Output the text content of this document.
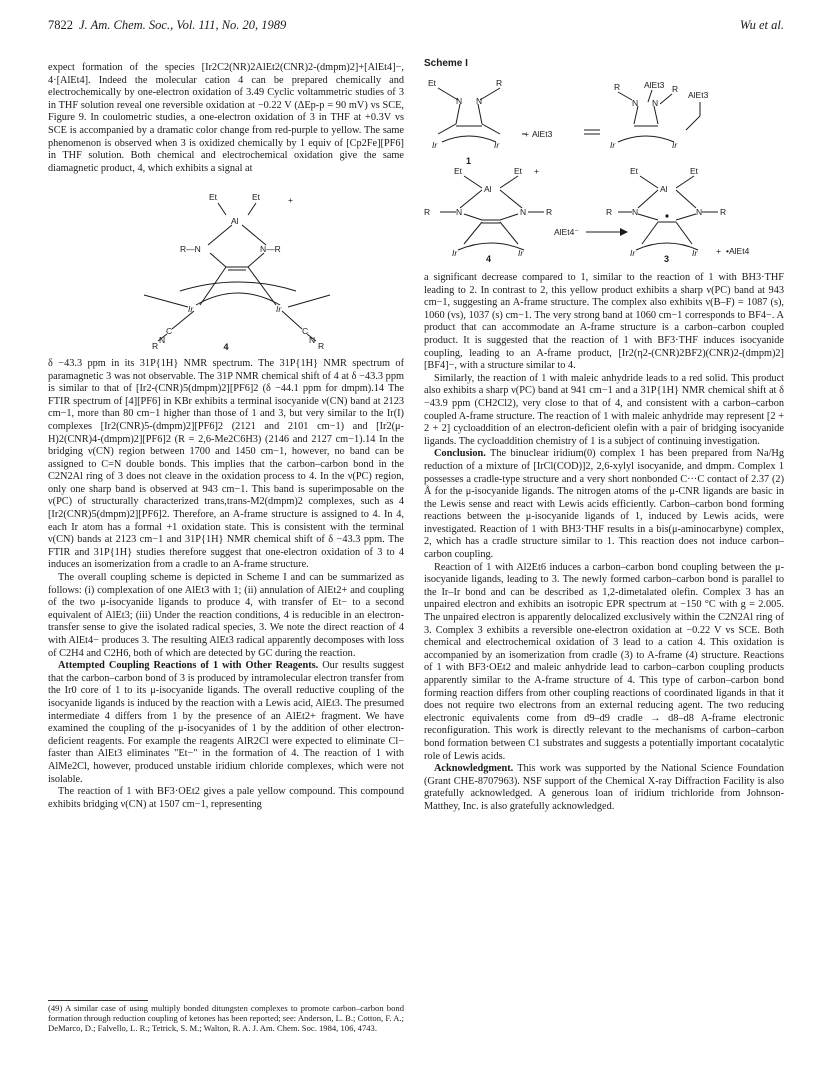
7822 J. Am. Chem. Soc., Vol. 111, No. 20, 1989	Wu et al.

expect formation of the species [Ir2C2(NR)2AlEt2(CNR)2-(dmpm)2]+[AlEt4]−, 4·[AlEt4]. Indeed the molecular cation 4 can be prepared chemically and electrochemically by one-electron oxidation of 3.49 Cyclic voltammetric studies of 3 in THF solution reveal one reversible oxidation at −0.22 V (ΔEp-p = 90 mV) vs SCE, Figure 9. In coulometric studies, a one-electron oxidation of 3 in THF at +0.3V vs SCE is accompanied by a dramatic color change from red-purple to yellow. The same phenomenon is observed when 3 is oxidized chemically by 1 equiv of [Cp2Fe][PF6] in THF solution. Both chemical and electrochemical oxidation give the same diamagnetic product, 4, which exhibits a signal at

Et	Et
Al
R—N	N—R
Ir	Ir
R
N
C	C
N
R
+
4

δ −43.3 ppm in its 31P{1H} NMR spectrum. The 31P{1H} NMR spectrum of paramagnetic 3 was not observable. The 31P NMR chemical shift of 4 at δ −43.3 ppm is similar to that of [Ir2-(CNR)5(dmpm)2][PF6]2 (δ −44.1 ppm for dmpm).14 The FTIR spectrum of [4][PF6] in KBr exhibits a terminal isocyanide ν(CN) band at 2123 cm−1, more than 80 cm−1 higher than those of 1 and 3, but very similar to the Ir(I) complexes [Ir2(CNR)5-(dmpm)2][PF6]2 (2121 and 2101 cm−1) and [Ir2(μ-H)2(CNR)4-(dmpm)2][PF6]2 (R = 2,6-Me2C6H3) (2146 and 2127 cm−1).14 In the bridging ν(CN) region between 1700 and 1450 cm−1, however, no band can be assigned to C=N double bonds. This implies that the carbon–carbon bond in the C2N2Al ring of 3 does not cleave in the oxidation process to 4. In the ν(PC) region, only one sharp band is observed at 943 cm−1. This band is superimposable on the ν(PC) of structurally characterized trans,trans-M2(dmpm)2 complexes, such as 4 [Ir2(CNR)5(dmpm)2][PF6]2. Therefore, an A-frame structure is assigned to 4. In 4, each Ir atom has a formal +1 oxidation state. This is consistent with the terminal ν(CN) bands at 2123 cm−1 and 31P{1H} NMR chemical shift of δ −43.3 ppm. The FTIR and 31P{1H} studies therefore suggest that one-electron oxidation of 3 to 4 induces an isomerization from a cradle to an A-frame structure.

The overall coupling scheme is depicted in Scheme I and can be summarized as follows: (i) complexation of one AlEt3 with 1; (ii) annulation of AlEt2+ and coupling of the two μ-isocyanide ligands to produce 4, with transfer of Et− to a second equivalent of AlEt3; (iii) Under the reaction conditions, 4 is reducible in an electron-transfer sense to give the isolated radical species, 3. We note the direct reaction of 4 with AlEt4− produces 3. The resulting AlEt3 radical apparently decomposes with loss of C2H4 and C2H6, both of which are detected by GC during the reaction.

Attempted Coupling Reactions of 1 with Other Reagents. Our results suggest that the carbon–carbon bond of 3 is produced by intramolecular electron transfer from the Ir0 core of 1 to its μ-isocyanide ligands. The overall reductive coupling of the isocyanide ligands is induced by the reaction with a Lewis acid, AlEt3. The presumed intermediate 4 differs from 1 by the presence of an AlEt2+ fragment. We have examined the coupling of the μ-isocyanides of 1 by the addition of other electron-deficient reagents. For example the reagents AlR2Cl were expected to eliminate Cl− faster than AlEt3 eliminates "Et−" in the formation of 4. The reaction of 1 with AlMe2Cl, however, produced unstable iridium chloride complexes, which were not isolable.

The reaction of 1 with BF3·OEt2 gives a pale yellow compound. This compound exhibits bridging ν(CN) at 1507 cm−1, representing

(49) A similar case of using multiply bonded ditungsten complexes to promote carbon–carbon bond formation through reduction coupling of ketones has been reported; see: Anderson, L. B.; Cotton, F. A.; DeMarco, D.; Falvello, L. R.; Tetrick, S. M.; Walton, R. A. J. Am. Chem. Soc. 1984, 106, 4743.
Scheme I
Et	R
N N
Ir	Ir
1
AlEt3
+
R	AlEt3 R
N N
Ir	Ir
AlEt3
Et	Et
Al
R	N	N R
+
Ir	Ir
4
AlEt4⁻
Et	Et
Al
R N	N R
Ir	Ir + •AlEt4
3

a significant decrease compared to 1, similar to the reaction of 1 with BH3·THF leading to 2. In contrast to 2, this yellow product exhibits a sharp ν(PC) band at 943 cm−1, suggesting an A-frame structure. The complex also exhibits ν(B–F) = 1087 (s), 1060 (vs), 1037 (s) cm−1. The very strong band at 1060 cm−1 corresponds to BF4−. A product that can accommodate an A-frame structure is a carbon–carbon coupled product. It is suggested that the reaction of 1 with BF3·THF induces isocyanide coupling, leading to an A-frame product, [Ir2(η2-(CNR)2BF2)(CNR)2-(dmpm)2][BF4]−, with a structure similar to 4.

Similarly, the reaction of 1 with maleic anhydride leads to a red solid. This product also exhibits a sharp ν(PC) band at 941 cm−1 and a 31P{1H} NMR chemical shift at δ −43.9 ppm (CH2Cl2), very close to that of 4, and consistent with a carbon–carbon coupled A-frame structure. The reaction of 1 with maleic anhydride may represent [2 + 2 + 2] cycloaddition of an electron-deficient olefin with a pair of bridging isocyanide ligands. The cycloaddition chemistry of 1 is a subject of continuing investigation.

Conclusion. The binuclear iridium(0) complex 1 has been prepared from Na/Hg reduction of a mixture of [IrCl(COD)]2, 2,6-xylyl isocyanide, and dmpm. Complex 1 possesses a cradle-type structure and a very short nonbonded C···C contact of 2.37 (2) Å for the μ-isocyanide ligands. The nitrogen atoms of the μ-CNR ligands are basic in the Lewis sense and react with Lewis acids efficiently. Carbon–carbon bond forming reactions between the μ-isocyanide ligands of 1, induced by Lewis acids, were investigated. Reaction of 1 with BH3·THF results in a bis(μ-aminocarbyne) complex, 2, which has a cradle structure similar to 1. This reaction does not induce carbon–carbon coupling.

Reaction of 1 with Al2Et6 induces a carbon–carbon bond coupling between the μ-isocyanide ligands, leading to 3. The newly formed carbon–carbon bond is parallel to the Ir–Ir bond and can be described as 1,2-dimetalated olefin. Complex 3 has an unpaired electron and exhibits an isotropic EPR spectrum at −150 °C with g = 2.005. The unpaired electron is apparently delocalized exclusively within the C2N2Al ring of 3. Complex 3 exhibits a reversible one-electron oxidation at −0.22 V vs SCE. Both chemical and electrochemical oxidation of 3 lead to a cation 4. This oxidation is accompanied by an isomerization from cradle (3) to A-frame (4) structure. Reactions of 1 with BF3·OEt2 and maleic anhydride lead to carbon–carbon coupling products apparently similar to the A-frame structure of 4. This type of carbon–carbon bond forming reaction differs from other coupling reactions of coordinated ligands in that it does not require two electrons from an external reducing agent. The two reducing electronic equivalents come from d9–d9 cradle → d8–d8 A-frame electronic reconfiguration. This work is directly relevant to the mechanisms of carbon–carbon bond formation between C1 substrates and suggests a potentially important cocatalytic role of Lewis acids.

Acknowledgment. This work was supported by the National Science Foundation (Grant CHE-8707963). NSF support of the Chemical X-ray Diffraction Facility is also gratefully acknowledged. A generous loan of iridium trichloride from Johnson-Matthey, Inc. is also gratefully acknowledged.
